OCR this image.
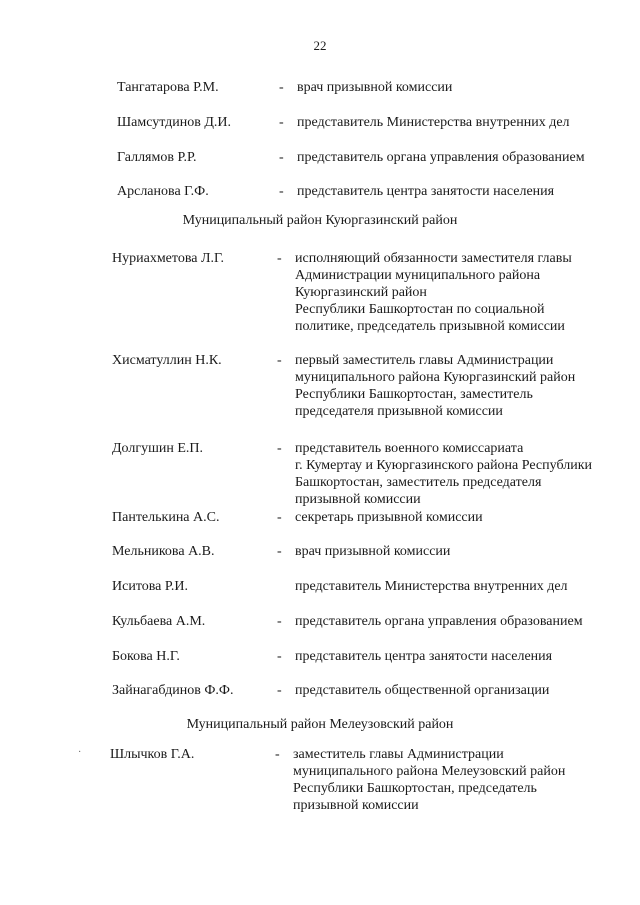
22
·
Тангатарова Р.М.	- врач призывной комиссии
Шамсутдинов Д.И.	- представитель Министерства внутренних дел
Галлямов Р.Р.	- представитель органа управления образованием
Арсланова Г.Ф.	- представитель центра занятости населения
Нуриахметова Л.Г.	- исполняющий обязанности заместителя главы
Администрации муниципального района
Куюргазинский район
Республики Башкортостан по социальной
политике, председатель призывной комиссии
Хисматуллин Н.К.	- первый заместитель главы Администрации
муниципального района Куюргазинский район
Республики Башкортостан, заместитель
председателя призывной комиссии
Долгушин Е.П.	- представитель военного комиссариата
г. Кумертау и Куюргазинского района Республики
Башкортостан, заместитель председателя
призывной комиссии
Пантелькина А.С.	- секретарь призывной комиссии
Мельникова А.В.	- врач призывной комиссии
Иситова Р.И.	представитель Министерства внутренних дел
Кульбаева А.М.	- представитель органа управления образованием
Бокова Н.Г.	- представитель центра занятости населения
Зайнагабдинов Ф.Ф.	- представитель общественной организации
Шлычков Г.А.	- заместитель главы Администрации
муниципального района Мелеузовский район
Республики Башкортостан, председатель
призывной комиссии
Муниципальный район Куюргазинский район
Муниципальный район Мелеузовский район
